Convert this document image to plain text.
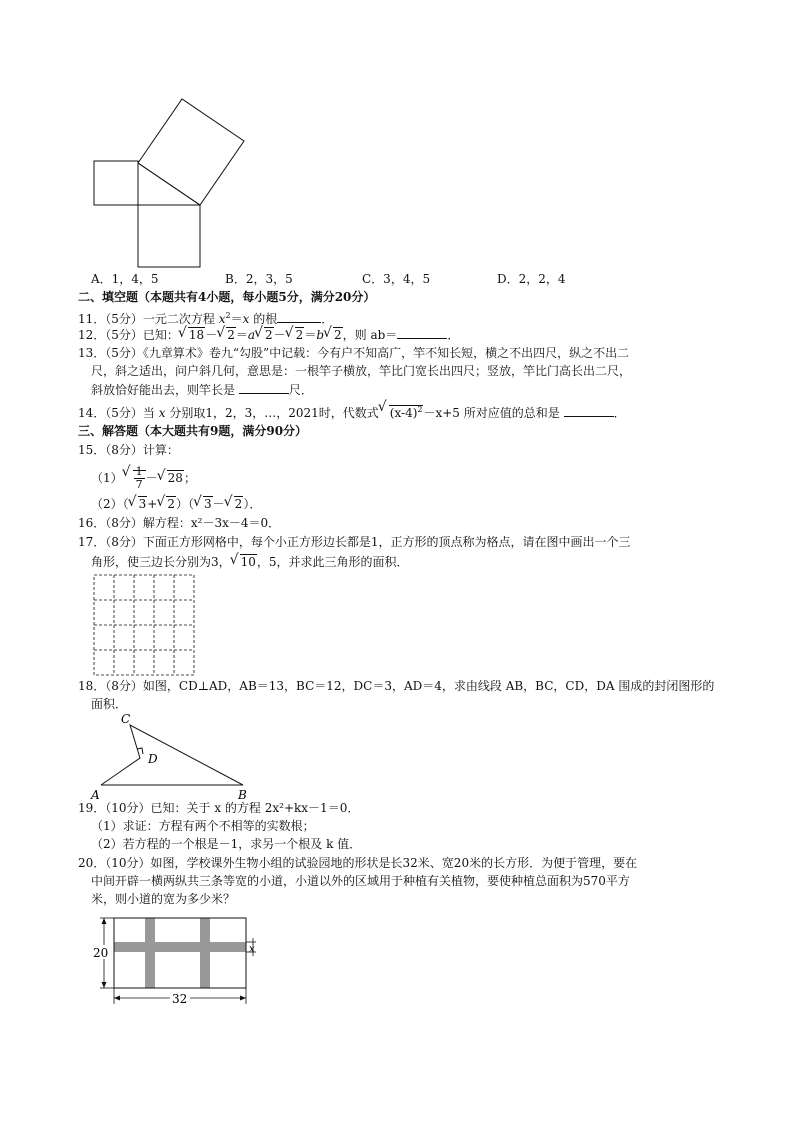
A．1，4，5	B．2，3，5	C．3，4，5	D．2，2，4
二、填空题（本题共有4小题，每小题5分，满分20分）
11．（5分）一元二次方程 $x^2=x$ 的根	．
12．（5分）已知： √ 18－ √ 2＝a √ 2－ √ 2＝b √ 2，则 ab＝	．
13．（5分）《九章算术》卷九“勾股”中记载：今有户不知高广，竿不知长短，横之不出四尺，纵之不出二
尺，斜之适出，问户斜几何，意思是：一根竿子横放，竿比门宽长出四尺；竖放，竿比门高长出二尺，
斜放恰好能出去，则竿长是	尺．
14．（5分）当 x 分别取1，2，3，…，2021时，代数式 √ $(x-4)^2-x+5$ 所对应值的总和是	．
三、解答题（本大题共有9题，满分90分）
15．（8分）计算：
（1） √ $\frac{1}{7}$ － √ 28；
（2）（ √ 3+ √ 2）（ √ 3－ √ 2）．
16．（8分）解方程：x²－3x－4＝0．
17．（8分）下面正方形网格中，每个小正方形边长都是1，正方形的顶点称为格点，请在图中画出一个三
角形，使三边长分别为3， √ 10，5，并求此三角形的面积．
18．（8分）如图，CD⊥AD，AB＝13，BC＝12，DC＝3，AD＝4，求由线段 AB，BC，CD，DA 围成的封闭图形的
面积．
C
D
A	B
19．（10分）已知：关于 x 的方程 2x²+kx－1＝0．
（1）求证：方程有两个不相等的实数根；
（2）若方程的一个根是－1，求另一个根及 k 值．
20．（10分）如图，学校课外生物小组的试验园地的形状是长32米、宽20米的长方形．为便于管理，要在
中间开辟一横两纵共三条等宽的小道，小道以外的区域用于种植有关植物，要使种植总面积为570平方
米，则小道的宽为多少米？
20
32
x
